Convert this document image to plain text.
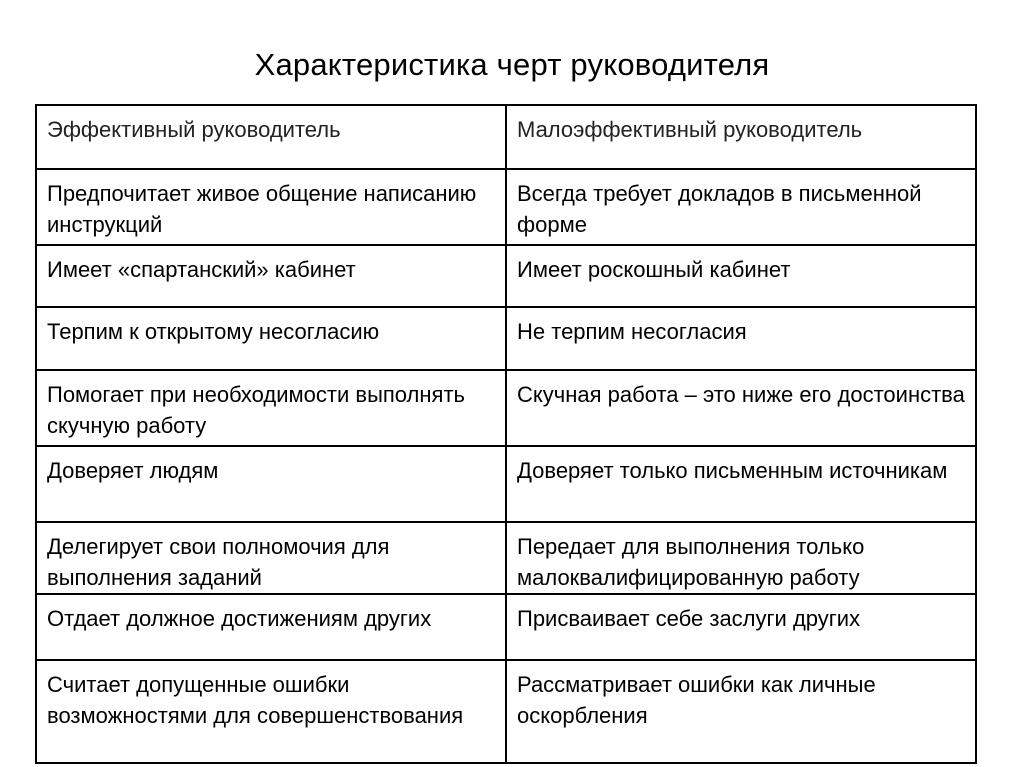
Характеристика черт руководителя
Эффективный руководитель	Малоэффективный руководитель
Предпочитает живое общение написанию инструкций	Всегда требует докладов в письменной форме
Имеет «спартанский» кабинет	Имеет роскошный кабинет
Терпим к открытому несогласию	Не терпим несогласия
Помогает при необходимости выполнять скучную работу	Скучная работа – это ниже его достоинства
Доверяет людям	Доверяет только письменным источникам
Делегирует свои полномочия для выполнения заданий	Передает для выполнения только малоквалифицированную работу
Отдает должное достижениям других	Присваивает себе заслуги других
Считает допущенные ошибки возможностями для совершенствования	Рассматривает ошибки как личные оскорбления
